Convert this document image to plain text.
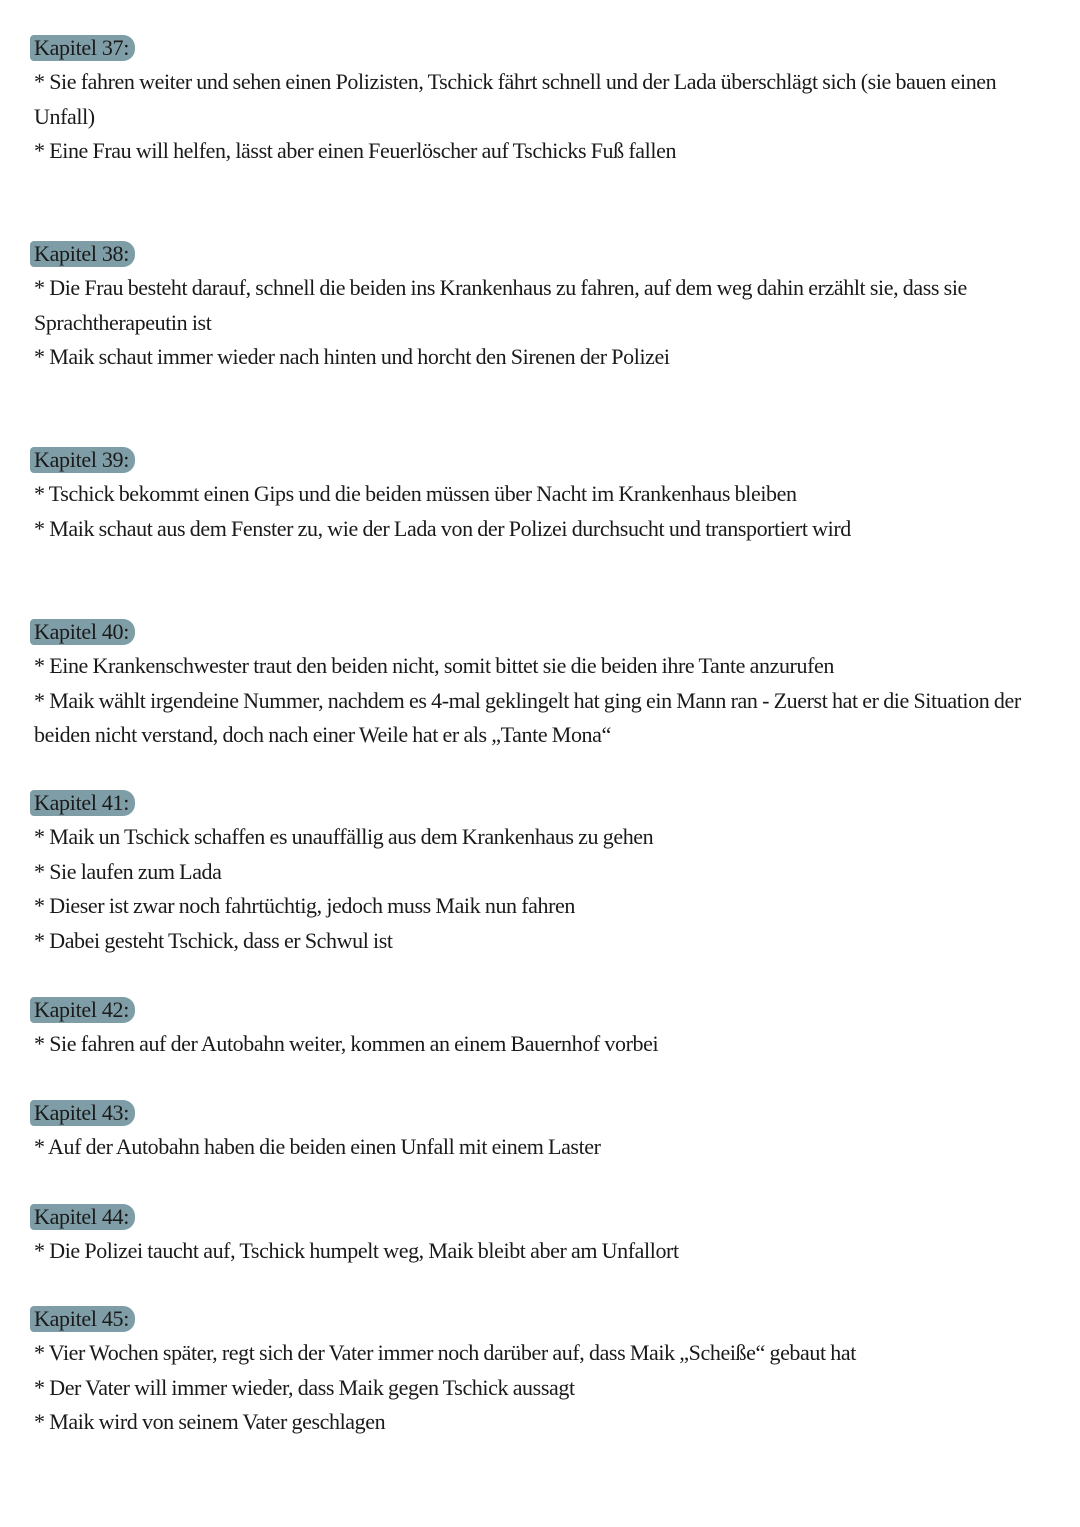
Kapitel 37:
* Sie fahren weiter und sehen einen Polizisten, Tschick fährt schnell und der Lada überschlägt sich (sie bauen einen Unfall)
* Eine Frau will helfen, lässt aber einen Feuerlöscher auf Tschicks Fuß fallen
Kapitel 38:
* Die Frau besteht darauf, schnell die beiden ins Krankenhaus zu fahren, auf dem weg dahin erzählt sie, dass sie Sprachtherapeutin ist
* Maik schaut immer wieder nach hinten und horcht den Sirenen der Polizei
Kapitel 39:
* Tschick bekommt einen Gips und die beiden müssen über Nacht im Krankenhaus bleiben
* Maik schaut aus dem Fenster zu, wie der Lada von der Polizei durchsucht und transportiert wird
Kapitel 40:
* Eine Krankenschwester traut den beiden nicht, somit bittet sie die beiden ihre Tante anzurufen
* Maik wählt irgendeine Nummer, nachdem es 4-mal geklingelt hat ging ein Mann ran - Zuerst hat er die Situation der beiden nicht verstand, doch nach einer Weile hat er als „Tante Mona“
Kapitel 41:
* Maik un Tschick schaffen es unauffällig aus dem Krankenhaus zu gehen
* Sie laufen zum Lada
* Dieser ist zwar noch fahrtüchtig, jedoch muss Maik nun fahren
* Dabei gesteht Tschick, dass er Schwul ist
Kapitel 42:
* Sie fahren auf der Autobahn weiter, kommen an einem Bauernhof vorbei
Kapitel 43:
* Auf der Autobahn haben die beiden einen Unfall mit einem Laster
Kapitel 44:
* Die Polizei taucht auf, Tschick humpelt weg, Maik bleibt aber am Unfallort
Kapitel 45:
* Vier Wochen später, regt sich der Vater immer noch darüber auf, dass Maik „Scheiße“ gebaut hat
* Der Vater will immer wieder, dass Maik gegen Tschick aussagt
* Maik wird von seinem Vater geschlagen
